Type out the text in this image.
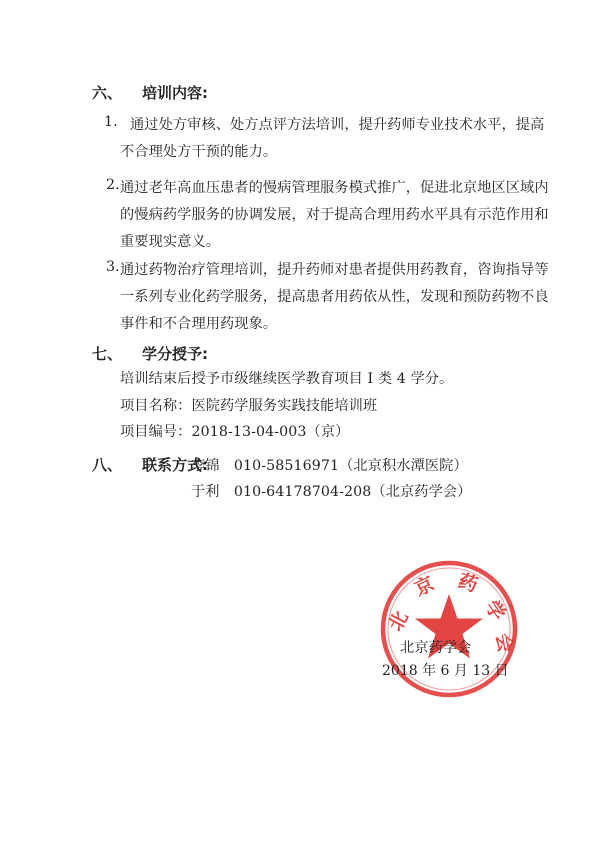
六、 培训内容:
1. 通过处方审核、处方点评方法培训，提升药师专业技术水平，提高
不合理处方干预的能力。
2. 通过老年高血压患者的慢病管理服务模式推广，促进北京地区区域内
的慢病药学服务的协调发展，对于提高合理用药水平具有示范作用和
重要现实意义。
3. 通过药物治疗管理培训，提升药师对患者提供用药教育，咨询指导等
一系列专业化药学服务，提高患者用药依从性，发现和预防药物不良
事件和不合理用药现象。
七、 学分授予:
培训结束后授予市级继续医学教育项目 I 类 4 学分。
项目名称：医院药学服务实践技能培训班
项目编号：2018-13-04-003（京）
八、 联系方式:
李锦　010-58516971（北京积水潭医院）
于利　010-64178704-208（北京药学会）
北
京 药
学
会
北京药学会
2018 年 6 月 13 日
